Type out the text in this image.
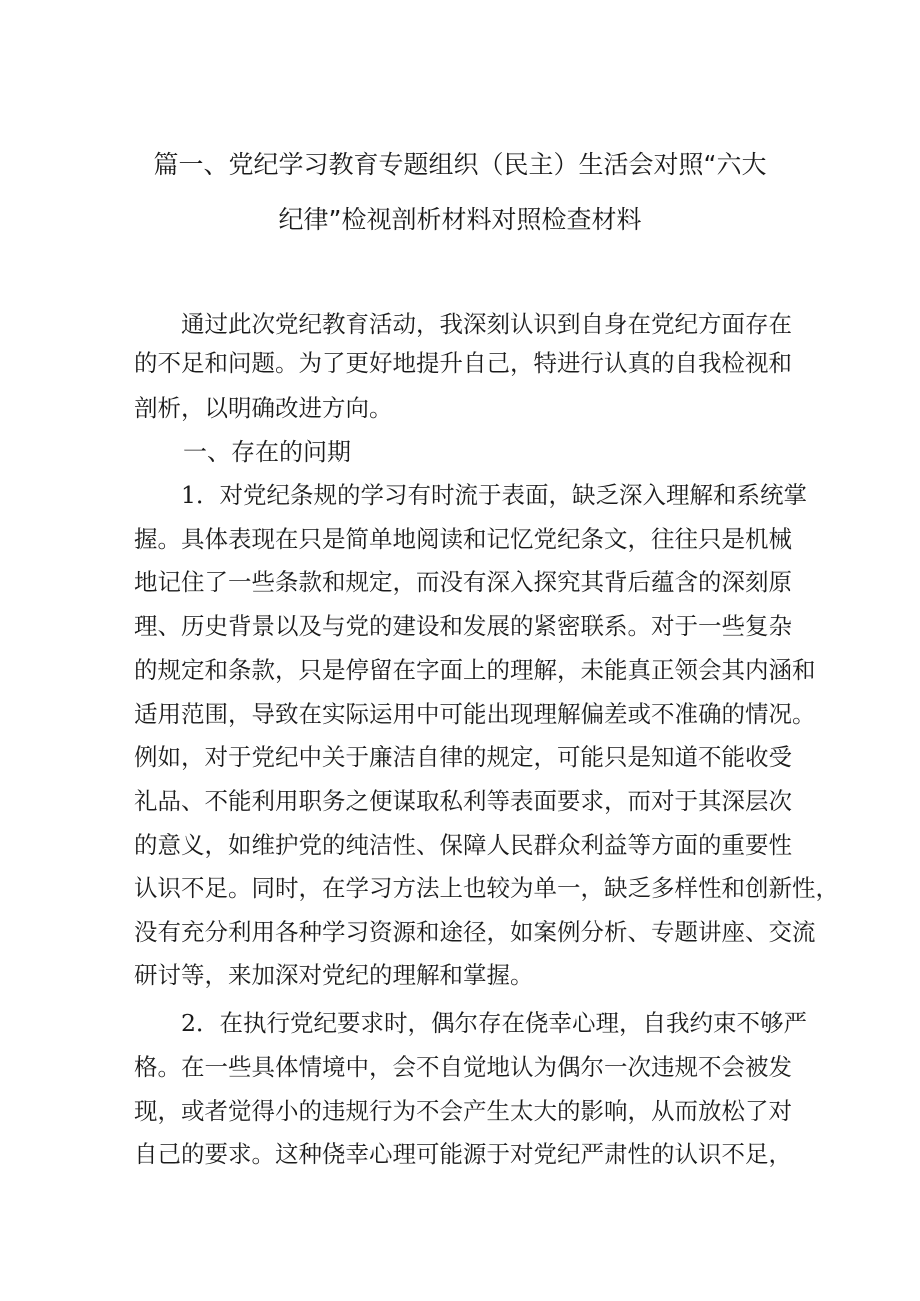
篇一、党纪学习教育专题组织（民主）生活会对照“六大
纪律”检视剖析材料对照检查材料
通过此次党纪教育活动，我深刻认识到自身在党纪方面存在
的不足和问题。为了更好地提升自己，特进行认真的自我检视和
剖析，以明确改进方向。
一、存在的问期
1．对党纪条规的学习有时流于表面，缺乏深入理解和系统掌
握。具体表现在只是简单地阅读和记忆党纪条文，往往只是机械
地记住了一些条款和规定，而没有深入探究其背后蕴含的深刻原
理、历史背景以及与党的建设和发展的紧密联系。对于一些复杂
的规定和条款，只是停留在字面上的理解，未能真正领会其内涵和
适用范围，导致在实际运用中可能出现理解偏差或不准确的情况。
例如，对于党纪中关于廉洁自律的规定，可能只是知道不能收受
礼品、不能利用职务之便谋取私利等表面要求，而对于其深层次
的意义，如维护党的纯洁性、保障人民群众利益等方面的重要性
认识不足。同时，在学习方法上也较为单一，缺乏多样性和创新性，
没有充分利用各种学习资源和途径，如案例分析、专题讲座、交流
研讨等，来加深对党纪的理解和掌握。
2．在执行党纪要求时，偶尔存在侥幸心理，自我约束不够严
格。在一些具体情境中，会不自觉地认为偶尔一次违规不会被发
现，或者觉得小的违规行为不会产生太大的影响，从而放松了对
自己的要求。这种侥幸心理可能源于对党纪严肃性的认识不足，
